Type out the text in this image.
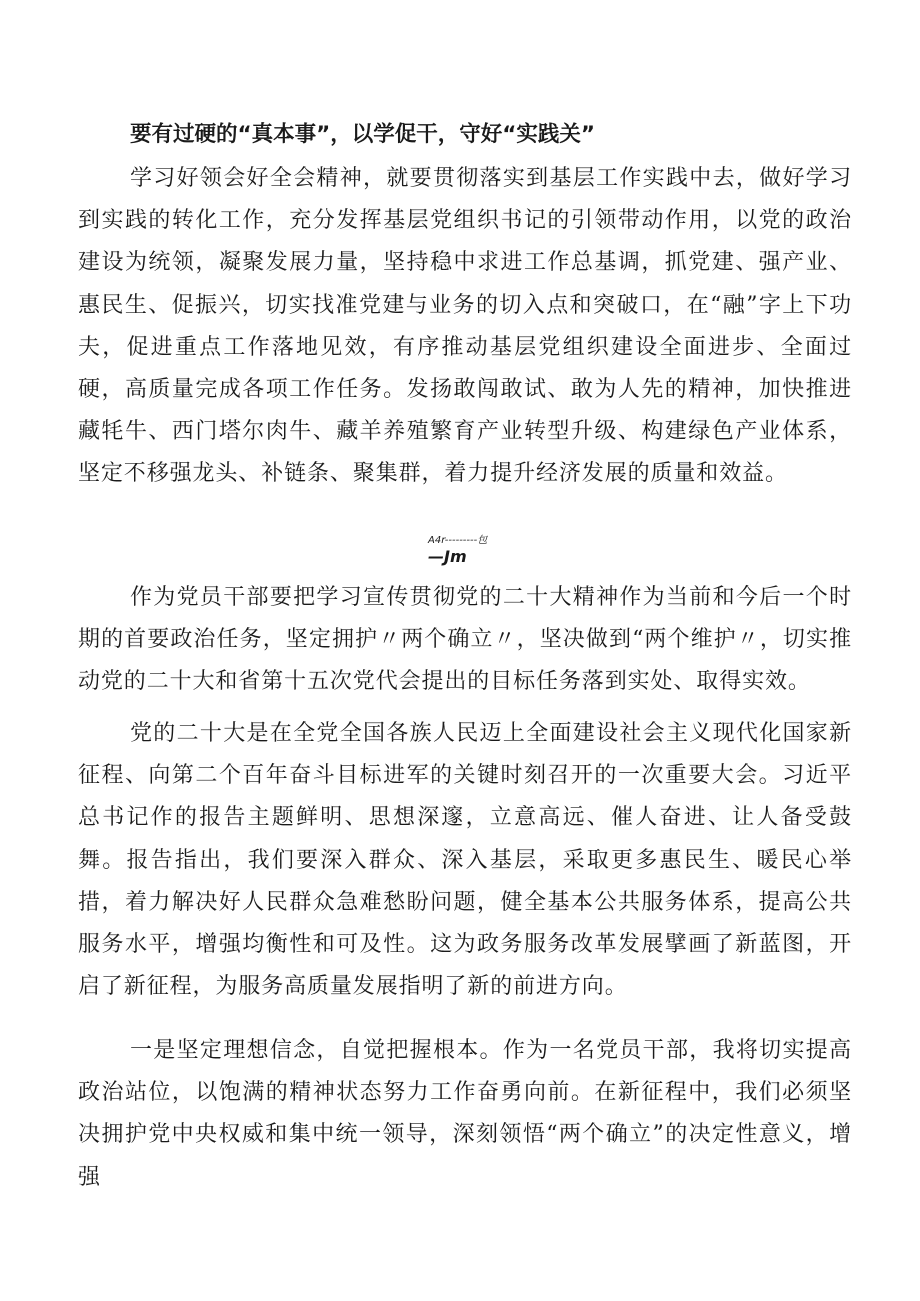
要有过硬的“真本事”，以学促干，守好“实践关”

学习好领会好全会精神，就要贯彻落实到基层工作实践中去，做好学习到实践的转化工作，充分发挥基层党组织书记的引领带动作用，以党的政治建设为统领，凝聚发展力量，坚持稳中求进工作总基调，抓党建、强产业、惠民生、促振兴，切实找准党建与业务的切入点和突破口，在“融”字上下功夫，促进重点工作落地见效，有序推动基层党组织建设全面进步、全面过硬，高质量完成各项工作任务。发扬敢闯敢试、敢为人先的精神，加快推进藏牦牛、西门塔尔肉牛、藏羊养殖繁育产业转型升级、构建绿色产业体系，坚定不移强龙头、补链条、聚集群，着力提升经济发展的质量和效益。

A4r---------包
—Jm

作为党员干部要把学习宣传贯彻党的二十大精神作为当前和今后一个时期的首要政治任务，坚定拥护〃两个确立〃，坚决做到“两个维护〃，切实推动党的二十大和省第十五次党代会提出的目标任务落到实处、取得实效。

党的二十大是在全党全国各族人民迈上全面建设社会主义现代化国家新征程、向第二个百年奋斗目标进军的关键时刻召开的一次重要大会。习近平总书记作的报告主题鲜明、思想深邃，立意高远、催人奋进、让人备受鼓舞。报告指出，我们要深入群众、深入基层，采取更多惠民生、暖民心举措，着力解决好人民群众急难愁盼问题，健全基本公共服务体系，提高公共服务水平，增强均衡性和可及性。这为政务服务改革发展擘画了新蓝图，开启了新征程，为服务高质量发展指明了新的前进方向。

一是坚定理想信念，自觉把握根本。作为一名党员干部，我将切实提高政治站位，以饱满的精神状态努力工作奋勇向前。在新征程中，我们必须坚决拥护党中央权威和集中统一领导，深刻领悟“两个确立”的决定性意义，增强
